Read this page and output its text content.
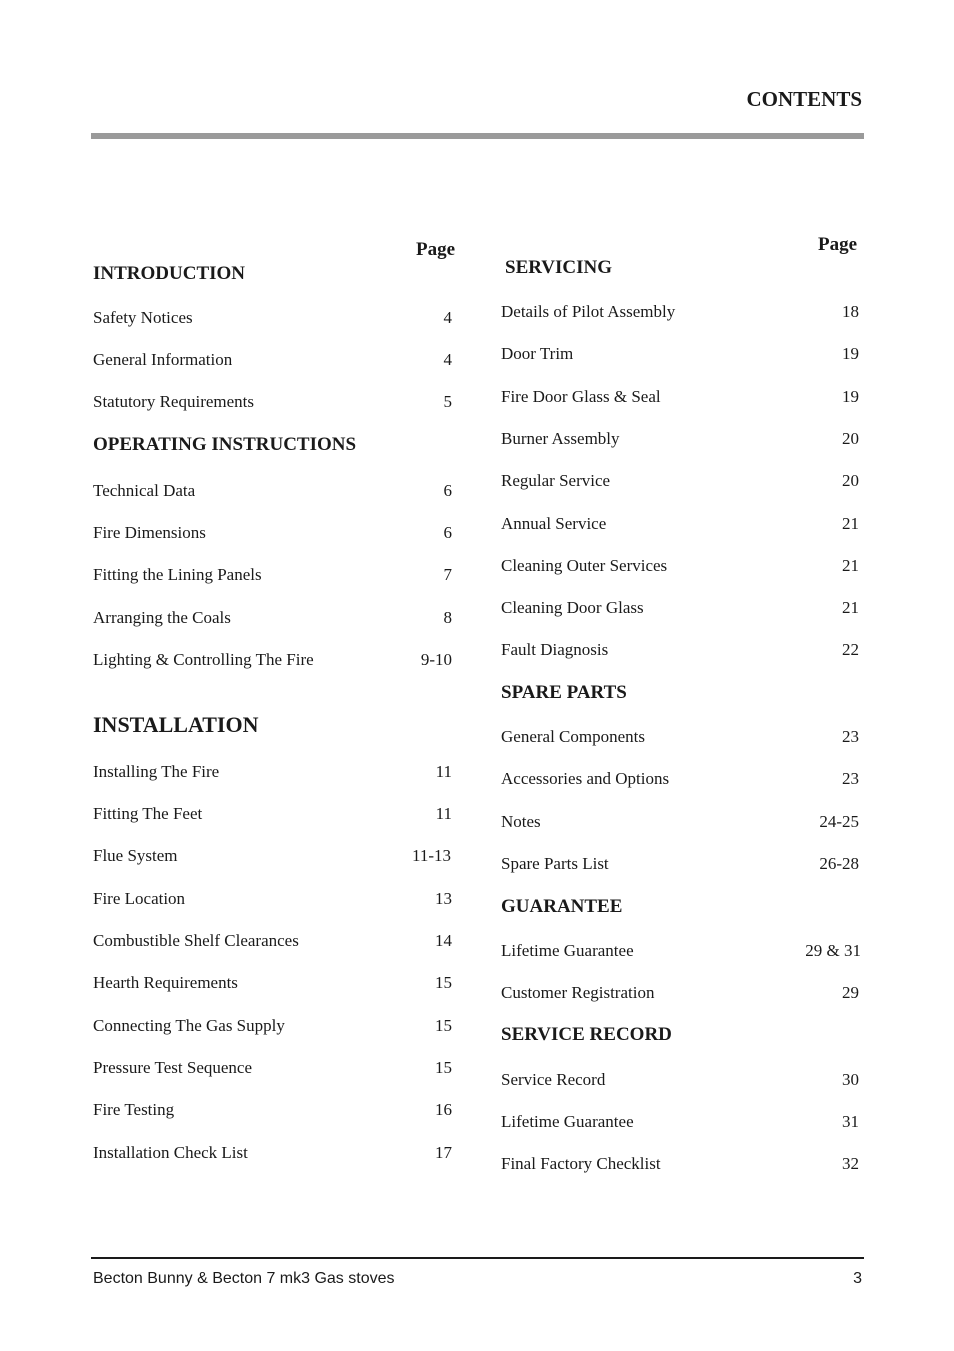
CONTENTS
Page
INTRODUCTION
Safety Notices	4
General Information	4
Statutory Requirements	5
OPERATING INSTRUCTIONS
Technical Data	6
Fire Dimensions	6
Fitting the Lining Panels	7
Arranging the Coals	8
Lighting & Controlling The Fire	9-10
INSTALLATION
Installing The Fire	11
Fitting The Feet	11
Flue System	11-13
Fire Location	13
Combustible Shelf Clearances	14
Hearth Requirements	15
Connecting The Gas Supply	15
Pressure Test Sequence	15
Fire Testing	16
Installation Check List	17
Page
SERVICING
Details of Pilot Assembly	18
Door Trim	19
Fire Door Glass & Seal	19
Burner Assembly	20
Regular Service	20
Annual Service	21
Cleaning Outer Services	21
Cleaning Door Glass	21
Fault Diagnosis	22
SPARE PARTS
General Components	23
Accessories and Options	23
Notes	24-25
Spare Parts List	26-28
GUARANTEE
Lifetime Guarantee	29 & 31
Customer Registration	29
SERVICE RECORD
Service Record	30
Lifetime Guarantee	31
Final Factory Checklist	32
Becton Bunny & Becton 7 mk3 Gas stoves	3
